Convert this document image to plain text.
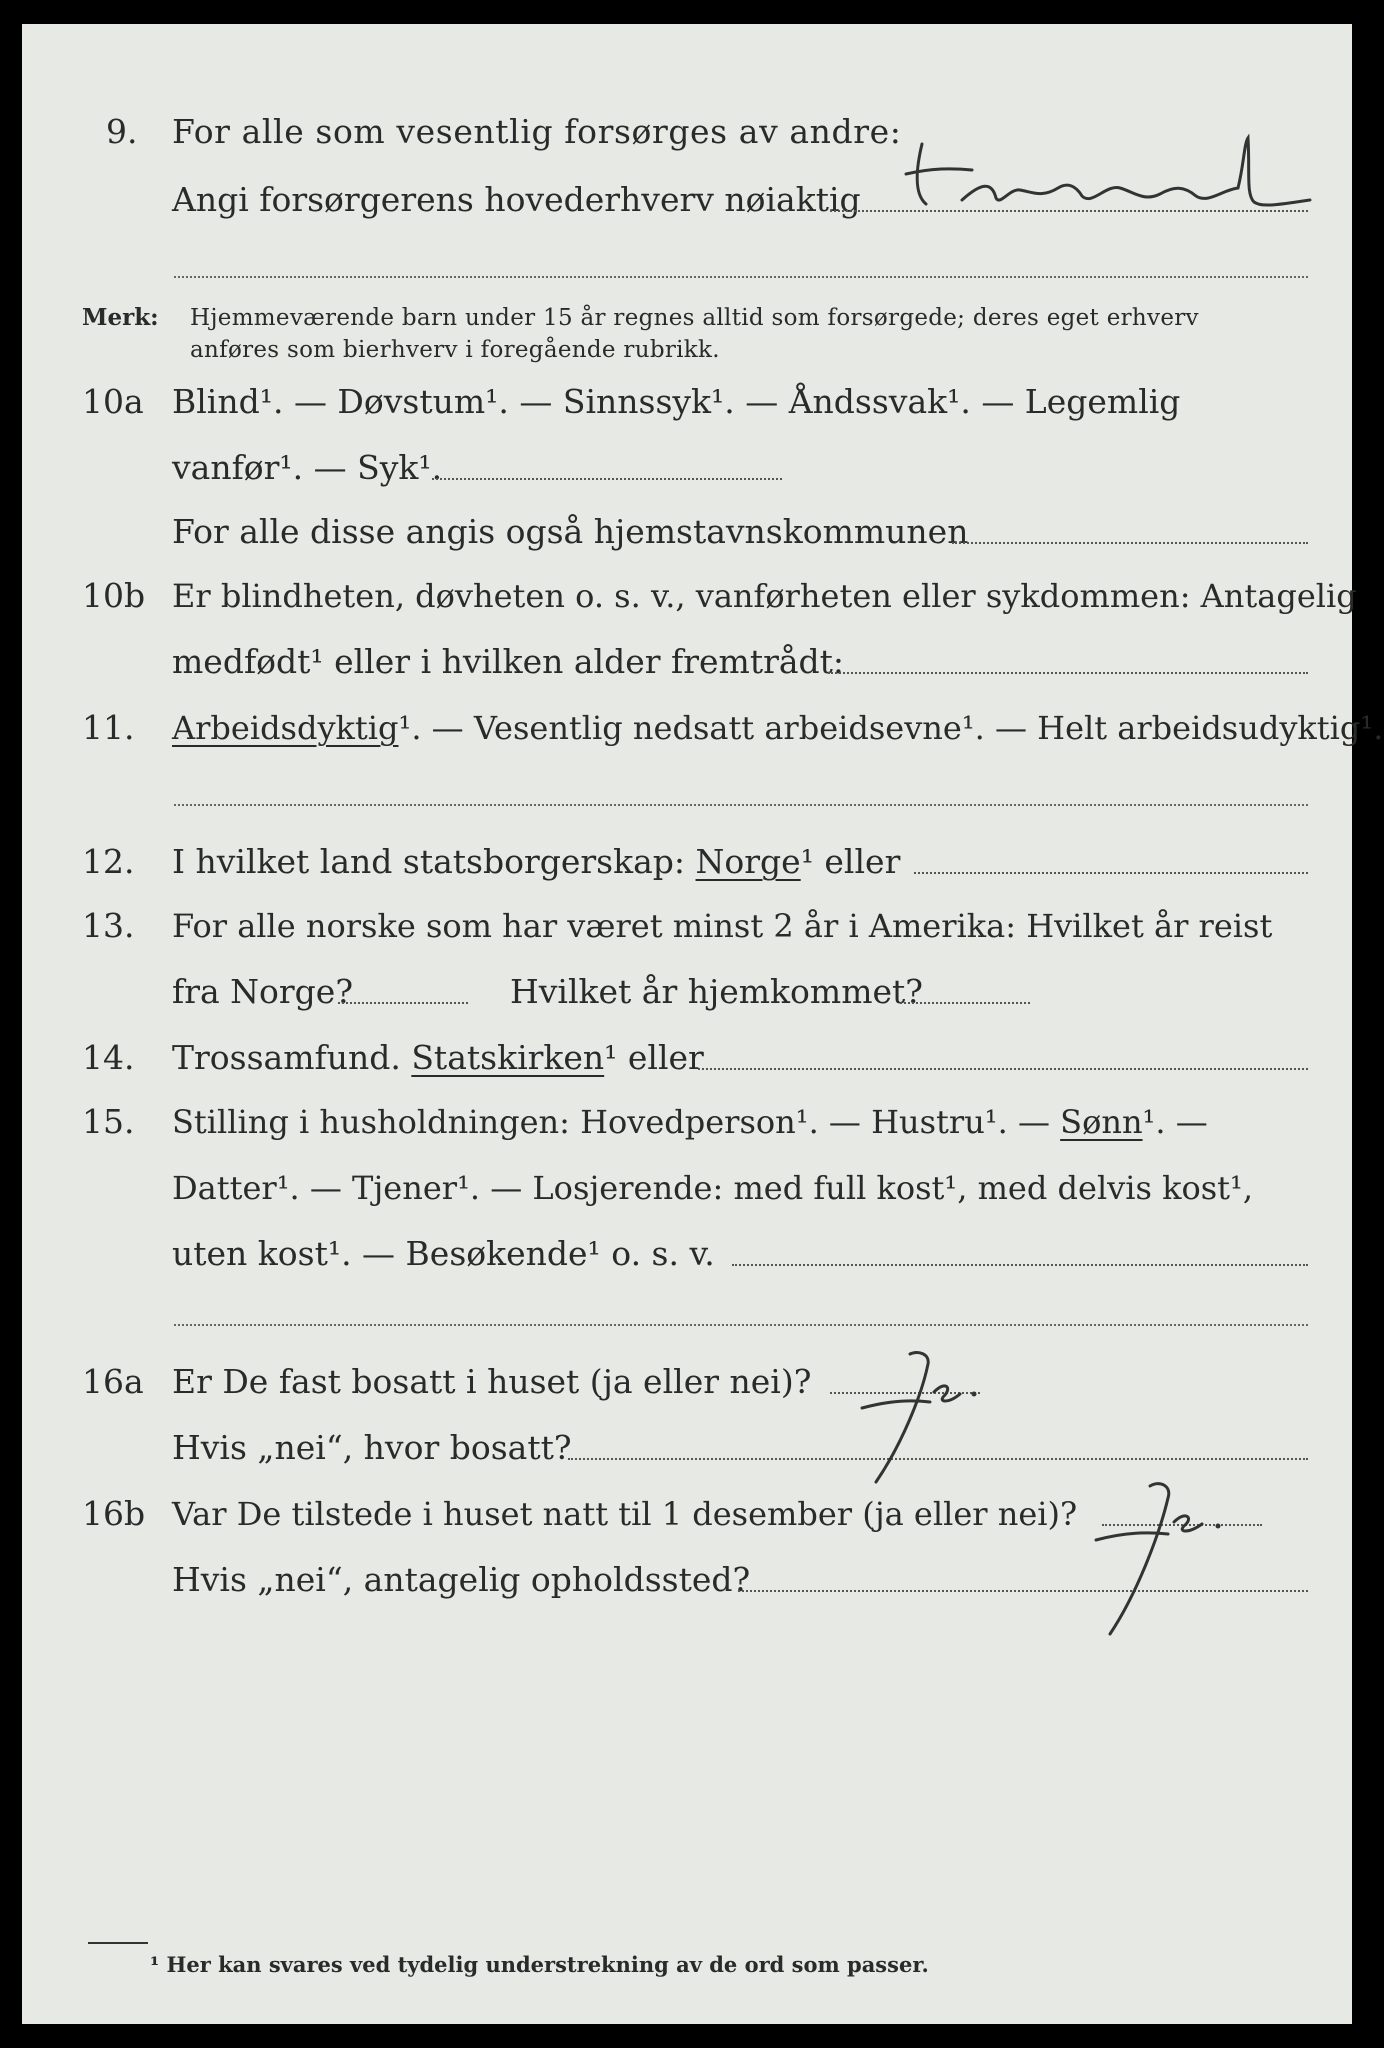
9. For alle som vesentlig forsørges av andre:
Angi forsørgerens hovederhverv nøiaktig
Merk: Hjemmeværende barn under 15 år regnes alltid som forsørgede; deres eget erhverv
anføres som bierhverv i foregående rubrikk.
10a Blind¹. — Døvstum¹. — Sinnssyk¹. — Åndssvak¹. — Legemlig
vanfør¹. — Syk¹.
For alle disse angis også hjemstavnskommunen
10b Er blindheten, døvheten o. s. v., vanførheten eller sykdommen: Antagelig
medfødt¹ eller i hvilken alder fremtrådt:
11. Arbeidsdyktig¹. — Vesentlig nedsatt arbeidsevne¹. — Helt arbeidsudyktig¹.
12. I hvilket land statsborgerskap: Norge¹ eller
13. For alle norske som har været minst 2 år i Amerika: Hvilket år reist
fra Norge?	Hvilket år hjemkommet?
14. Trossamfund. Statskirken¹ eller
15. Stilling i husholdningen: Hovedperson¹. — Hustru¹. — Sønn¹. —
Datter¹. — Tjener¹. — Losjerende: med full kost¹, med delvis kost¹,
uten kost¹. — Besøkende¹ o. s. v.
16a Er De fast bosatt i huset (ja eller nei)?
Hvis „nei“, hvor bosatt?
16b Var De tilstede i huset natt til 1 desember (ja eller nei)?
Hvis „nei“, antagelig opholdssted?
¹ Her kan svares ved tydelig understrekning av de ord som passer.
